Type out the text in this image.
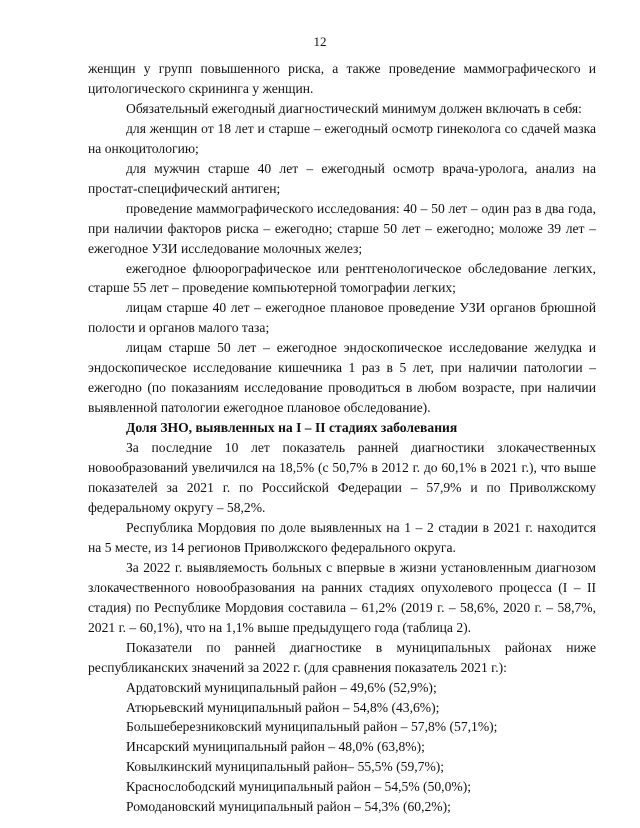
12

женщин у групп повышенного риска, а также проведение маммографического и цитологического скрининга у женщин.

Обязательный ежегодный диагностический минимум должен включать в себя:

для женщин от 18 лет и старше – ежегодный осмотр гинеколога со сдачей мазка на онкоцитологию;

для мужчин старше 40 лет – ежегодный осмотр врача-уролога, анализ на простат-специфический антиген;

проведение маммографического исследования: 40 – 50 лет – один раз в два года, при наличии факторов риска – ежегодно; старше 50 лет – ежегодно; моложе 39 лет – ежегодное УЗИ исследование молочных желез;

ежегодное флюорографическое или рентгенологическое обследование легких, старше 55 лет – проведение компьютерной томографии легких;

лицам старше 40 лет – ежегодное плановое проведение УЗИ органов брюшной полости и органов малого таза;

лицам старше 50 лет – ежегодное эндоскопическое исследование желудка и эндоскопическое исследование кишечника 1 раз в 5 лет, при наличии патологии – ежегодно (по показаниям исследование проводиться в любом возрасте, при наличии выявленной патологии ежегодное плановое обследование).

Доля ЗНО, выявленных на I – II стадиях заболевания

За последние 10 лет показатель ранней диагностики злокачественных новообразований увеличился на 18,5% (с 50,7% в 2012 г. до 60,1% в 2021 г.), что выше показателей за 2021 г. по Российской Федерации – 57,9% и по Приволжскому федеральному округу – 58,2%.

Республика Мордовия по доле выявленных на 1 – 2 стадии в 2021 г. находится на 5 месте, из 14 регионов Приволжского федерального округа.

За 2022 г. выявляемость больных с впервые в жизни установленным диагнозом злокачественного новообразования на ранних стадиях опухолевого процесса (I – II стадия) по Республике Мордовия составила – 61,2% (2019 г. – 58,6%, 2020 г. – 58,7%, 2021 г. – 60,1%), что на 1,1% выше предыдущего года (таблица 2).

Показатели по ранней диагностике в муниципальных районах ниже республиканских значений за 2022 г. (для сравнения показатель 2021 г.):

Ардатовский муниципальный район – 49,6% (52,9%);

Атюрьевский муниципальный район – 54,8% (43,6%);

Большеберезниковский муниципальный район – 57,8% (57,1%);

Инсарский муниципальный район – 48,0% (63,8%);

Ковылкинский муниципальный район– 55,5% (59,7%);

Краснослободский муниципальный район – 54,5% (50,0%);

Ромодановский муниципальный район – 54,3% (60,2%);
